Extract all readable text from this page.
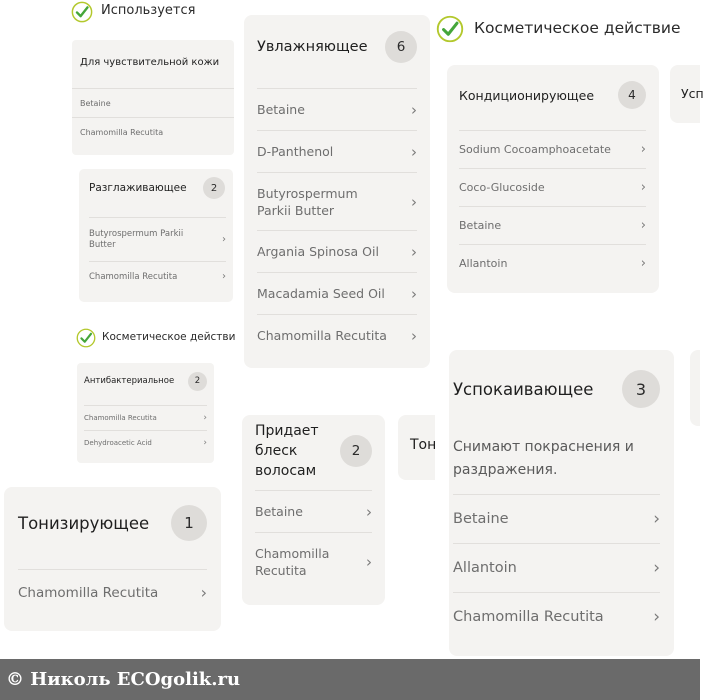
Используется
Для чувствительной кожи
Betaine
Chamomilla Recutita
Разглаживающее	2
Butyrospermum Parkii Butter	›
Chamomilla Recutita	›
Косметическое действи
Антибактериальное	2
Chamomilla Recutita	›
Dehydroacetic Acid	›
Тонизирующее	1
Chamomilla Recutita	›
Увлажняющее	6
Betaine	›
D-Panthenol	›
Butyrospermum Parkii Butter	›
Argania Spinosa Oil ›
Macadamia Seed Oil ›
Chamomilla Recutita ›
Придает блеск волосам
2
Betaine	›
Chamomilla Recutita	›
Тон
Косметическое действие
Кондиционирующее	4
Sodium Cocoamphoacetate ›
Coco-Glucoside	›
Betaine	›
Allantoin	›
Усп
Успокаивающее	3
Снимают покраснения и раздражения.
Betaine	›
Allantoin	›
Chamomilla Recutita	›
© Николь ECOgolik.ru
